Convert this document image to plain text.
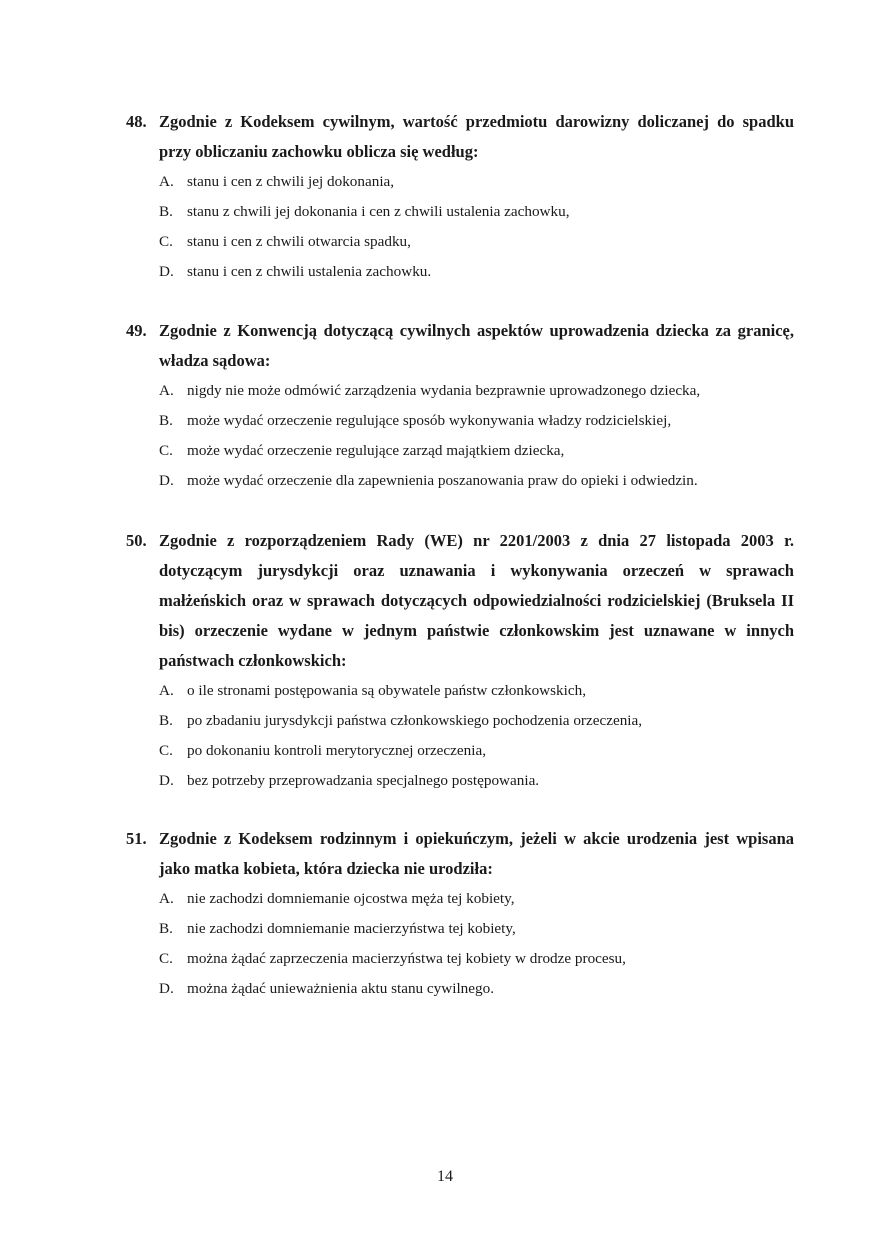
48. Zgodnie z Kodeksem cywilnym, wartość przedmiotu darowizny doliczanej do spadku przy obliczaniu zachowku oblicza się według:
A. stanu i cen z chwili jej dokonania,
B. stanu z chwili jej dokonania i cen z chwili ustalenia zachowku,
C. stanu i cen z chwili otwarcia spadku,
D. stanu i cen z chwili ustalenia zachowku.
49. Zgodnie z Konwencją dotyczącą cywilnych aspektów uprowadzenia dziecka za granicę, władza sądowa:
A. nigdy nie może odmówić zarządzenia wydania bezprawnie uprowadzonego dziecka,
B. może wydać orzeczenie regulujące sposób wykonywania władzy rodzicielskiej,
C. może wydać orzeczenie regulujące zarząd majątkiem dziecka,
D. może wydać orzeczenie dla zapewnienia poszanowania praw do opieki i odwiedzin.
50. Zgodnie z rozporządzeniem Rady (WE) nr 2201/2003 z dnia 27 listopada 2003 r. dotyczącym jurysdykcji oraz uznawania i wykonywania orzeczeń w sprawach małżeńskich oraz w sprawach dotyczących odpowiedzialności rodzicielskiej (Bruksela II bis) orzeczenie wydane w jednym państwie członkowskim jest uznawane w innych państwach członkowskich:
A. o ile stronami postępowania są obywatele państw członkowskich,
B. po zbadaniu jurysdykcji państwa członkowskiego pochodzenia orzeczenia,
C. po dokonaniu kontroli merytorycznej orzeczenia,
D. bez potrzeby przeprowadzania specjalnego postępowania.
51. Zgodnie z Kodeksem rodzinnym i opiekuńczym, jeżeli w akcie urodzenia jest wpisana jako matka kobieta, która dziecka nie urodziła:
A. nie zachodzi domniemanie ojcostwa męża tej kobiety,
B. nie zachodzi domniemanie macierzyństwa tej kobiety,
C. można żądać zaprzeczenia macierzyństwa tej kobiety w drodze procesu,
D. można żądać unieważnienia aktu stanu cywilnego.
14
